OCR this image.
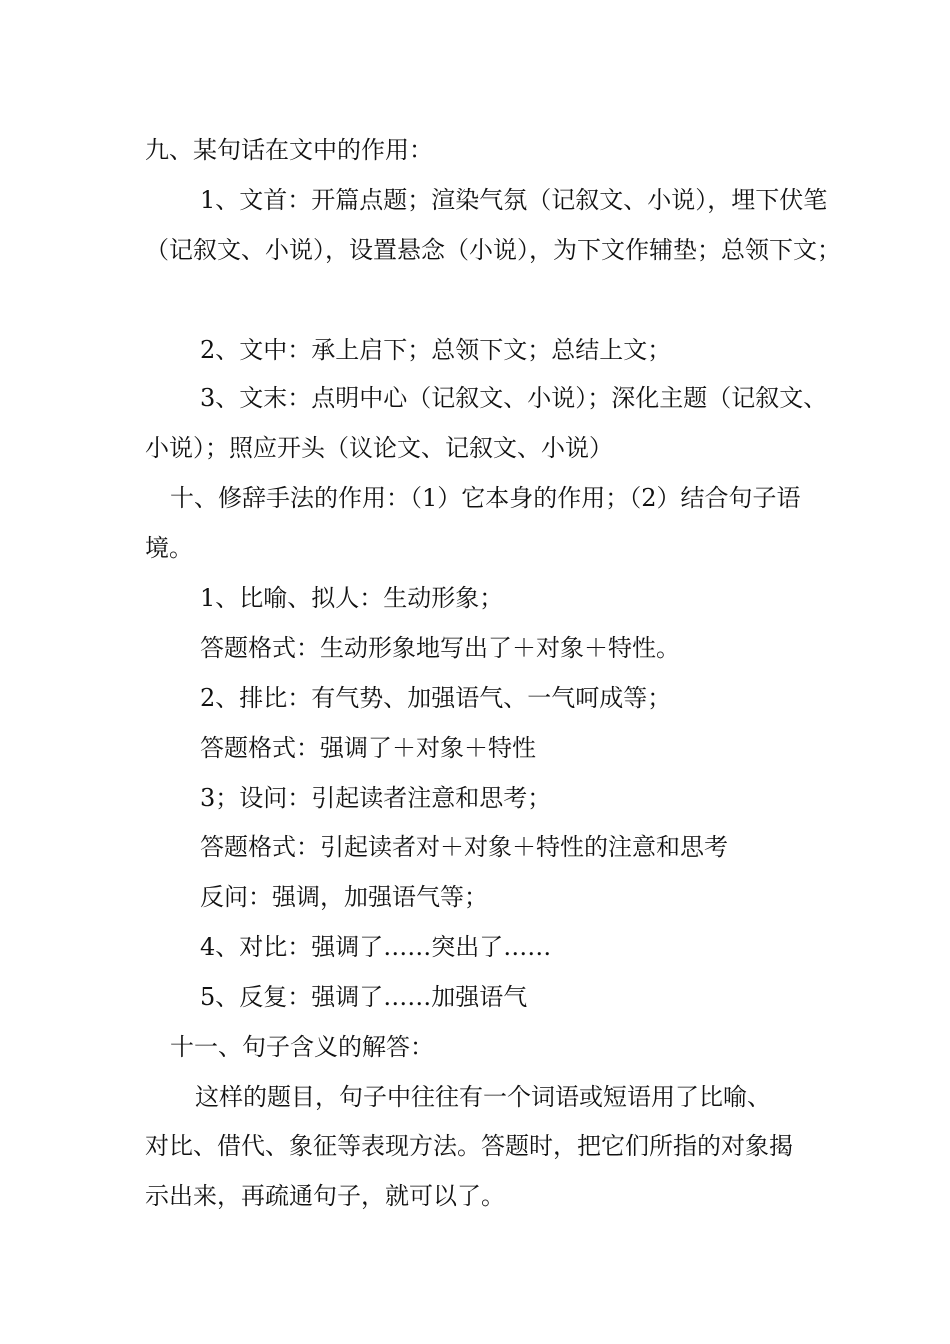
九、某句话在文中的作用：
1、文首：开篇点题；渲染气氛（记叙文、小说），埋下伏笔
（记叙文、小说），设置悬念（小说），为下文作辅垫；总领下文；
2、文中：承上启下；总领下文；总结上文；
3、文末：点明中心（记叙文、小说）；深化主题（记叙文、
小说）；照应开头（议论文、记叙文、小说）
十、修辞手法的作用：（1）它本身的作用；（2）结合句子语
境。
1、比喻、拟人：生动形象；
答题格式：生动形象地写出了＋对象＋特性。
2、排比：有气势、加强语气、一气呵成等；
答题格式：强调了＋对象＋特性
3；设问：引起读者注意和思考；
答题格式：引起读者对＋对象＋特性的注意和思考
反问：强调，加强语气等；
4、对比：强调了……突出了……
5、反复：强调了……加强语气
十一、句子含义的解答：
这样的题目，句子中往往有一个词语或短语用了比喻、
对比、借代、象征等表现方法。答题时，把它们所指的对象揭
示出来，再疏通句子，就可以了。
